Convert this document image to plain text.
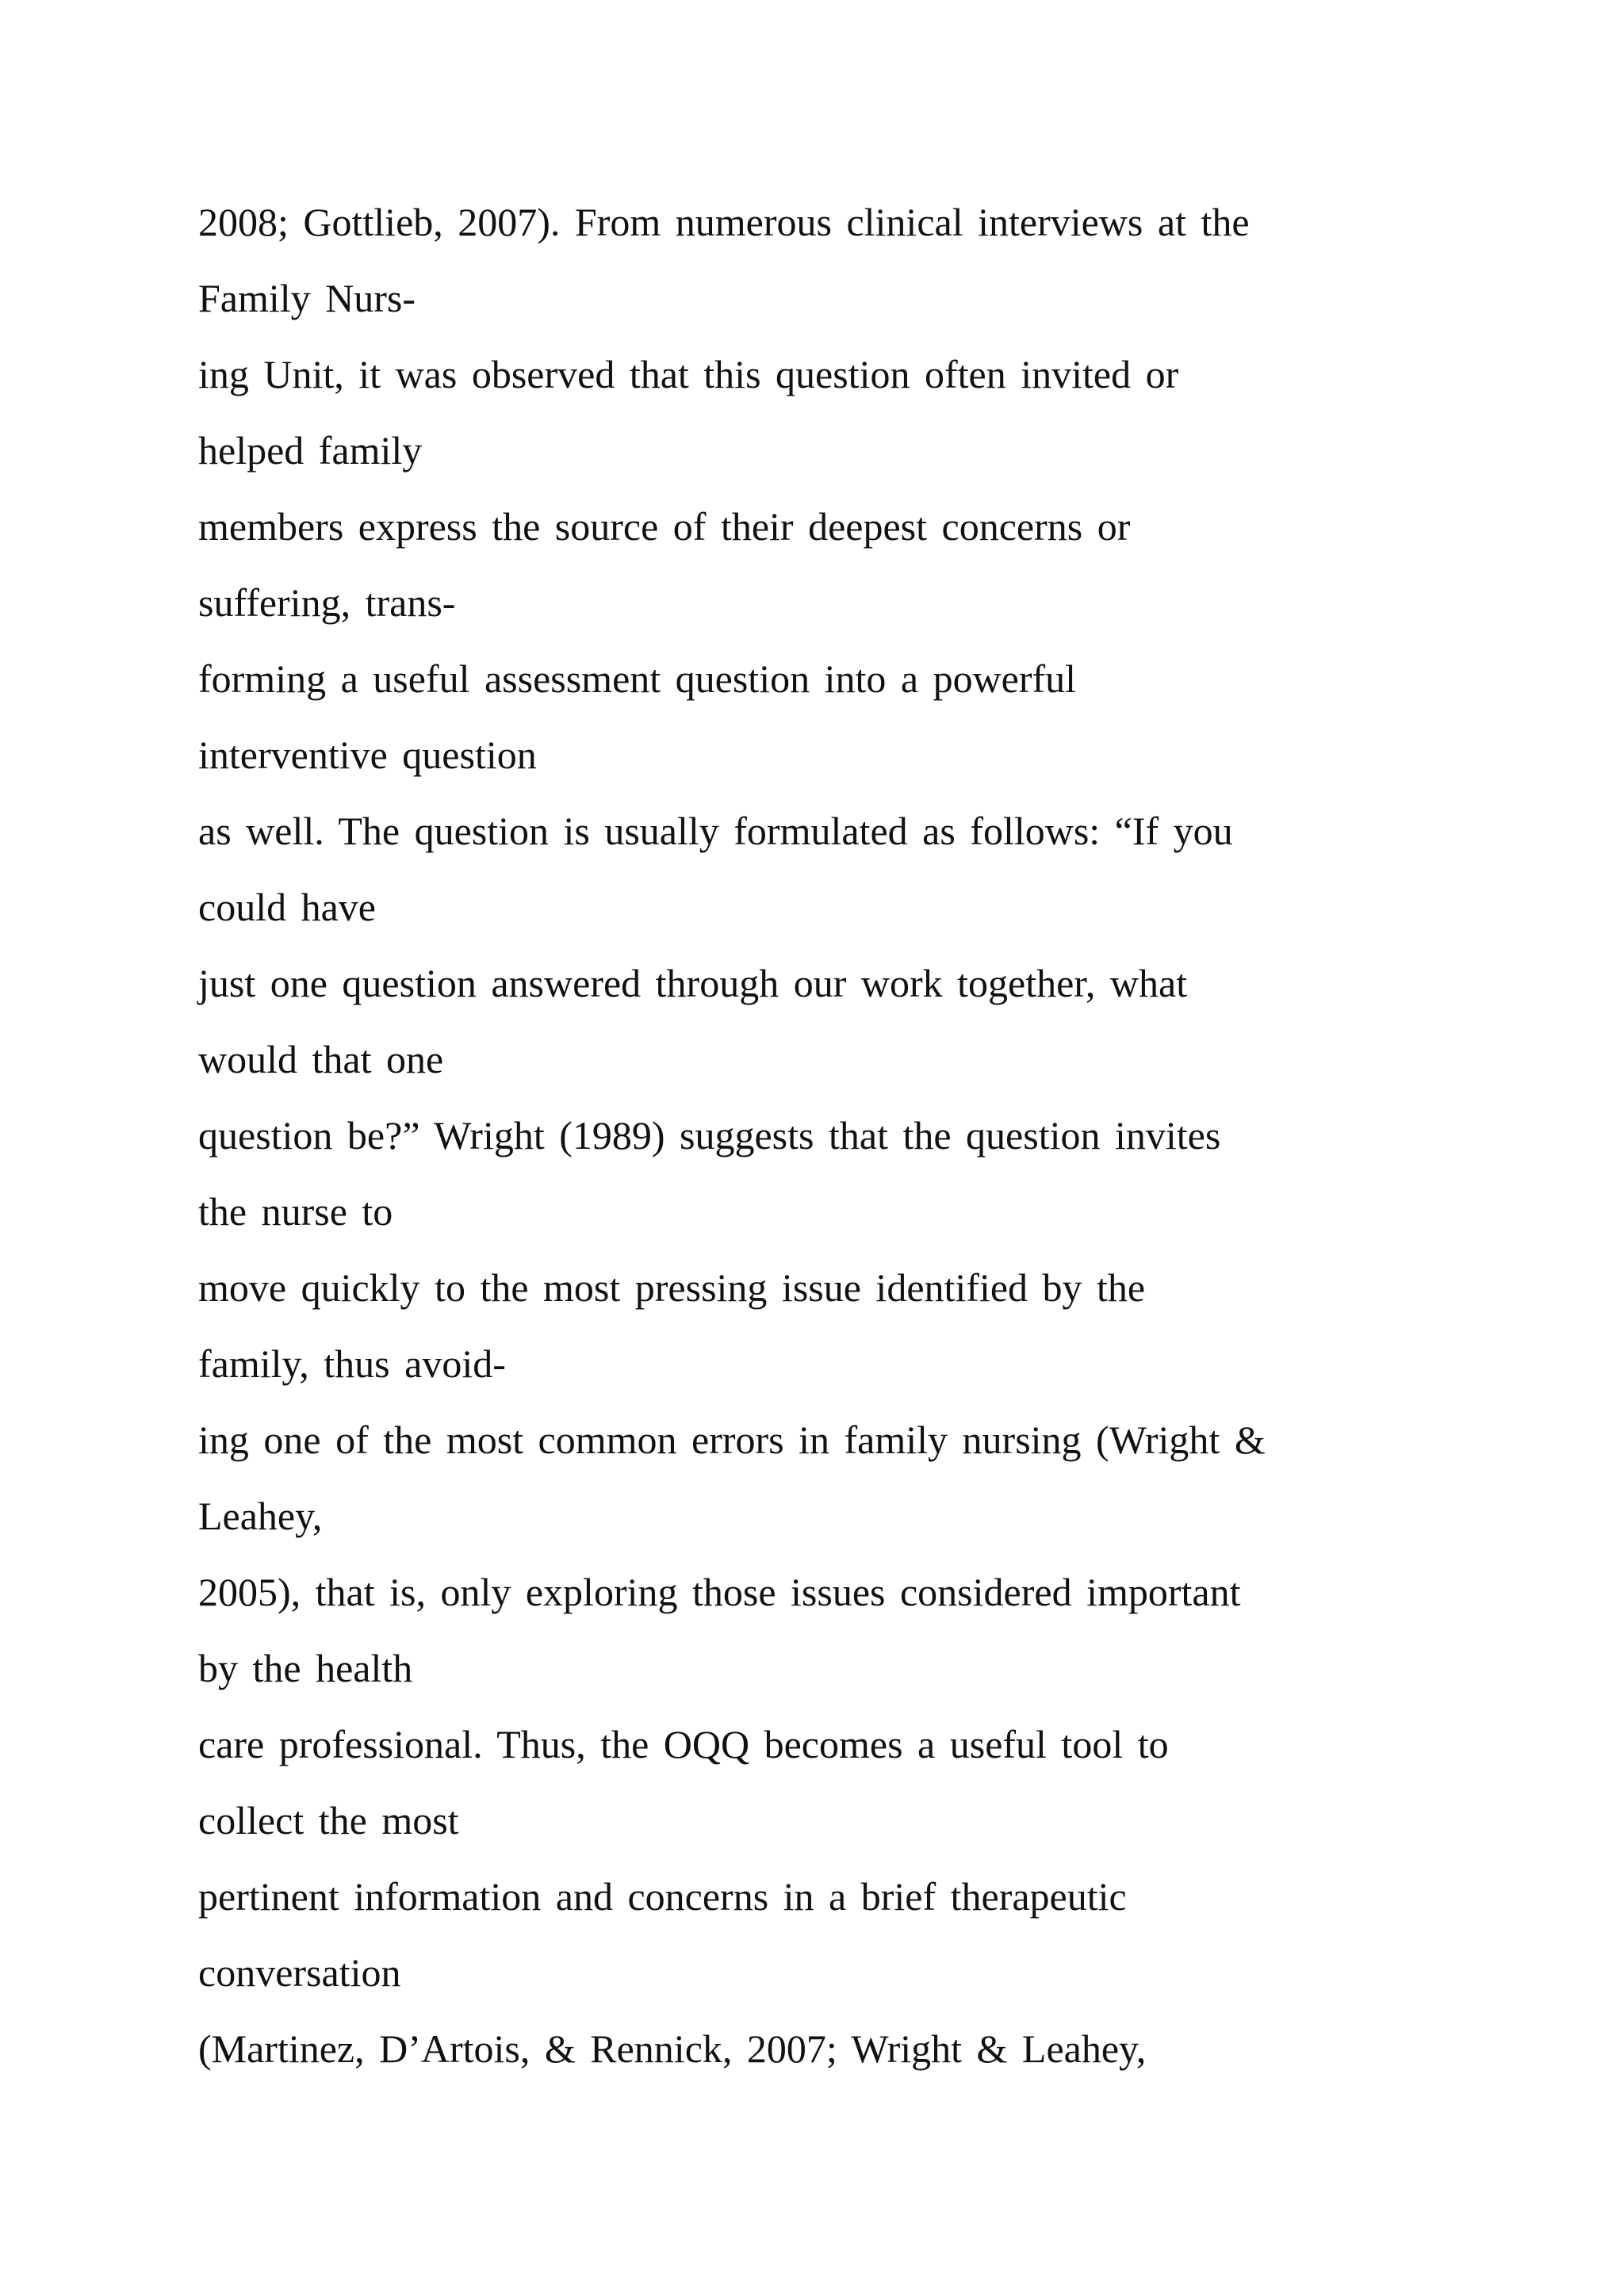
2008; Gottlieb, 2007). From numerous clinical interviews at the
Family Nurs-
ing Unit, it was observed that this question often invited or
helped family
members express the source of their deepest concerns or
suffering, trans-
forming a useful assessment question into a powerful
interventive question
as well. The question is usually formulated as follows: “If you
could have
just one question answered through our work together, what
would that one
question be?” Wright (1989) suggests that the question invites
the nurse to
move quickly to the most pressing issue identified by the
family, thus avoid-
ing one of the most common errors in family nursing (Wright &
Leahey,
2005), that is, only exploring those issues considered important
by the health
care professional. Thus, the OQQ becomes a useful tool to
collect the most
pertinent information and concerns in a brief therapeutic
conversation
(Martinez, D’Artois, & Rennick, 2007; Wright & Leahey,
